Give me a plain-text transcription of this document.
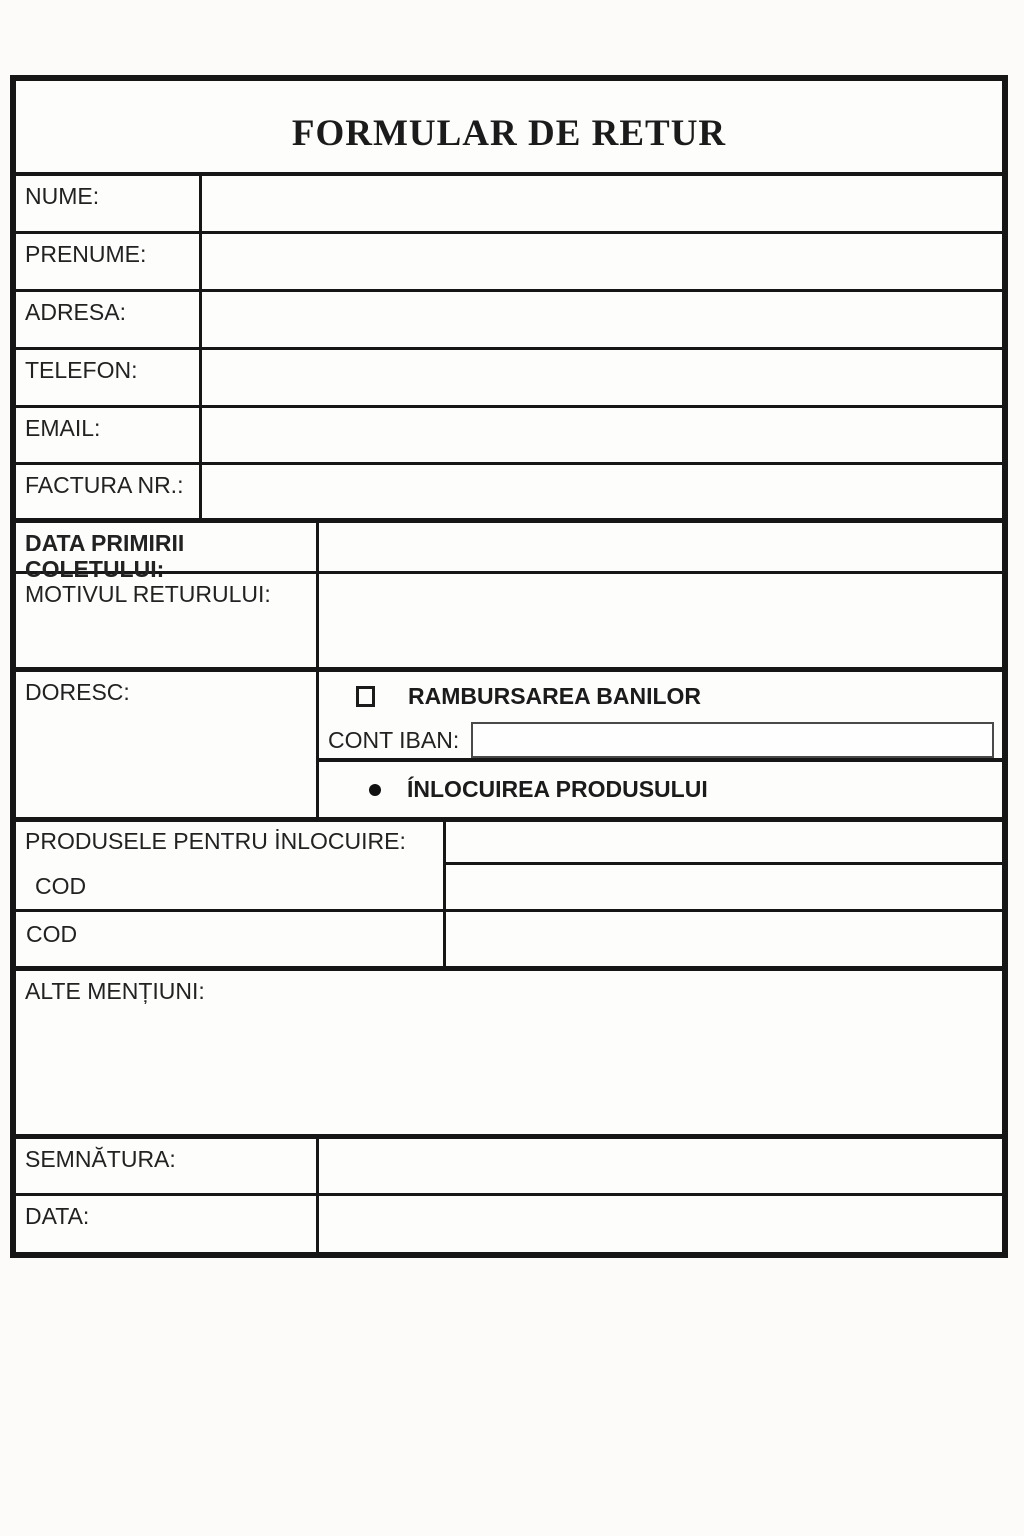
FORMULAR DE RETUR
NUME:
PRENUME:
ADRESA:
TELEFON:
EMAIL:
FACTURA NR.:
DATA PRIMIRII COLETULUI:
MOTIVUL RETURULUI:
DORESC:	RAMBURSAREA BANILOR
CONT IBAN:
ÍNLOCUIREA PRODUSULUI
PRODUSELE PENTRU İNLOCUIRE:
COD
COD
ALTE MENȚIUNI:
SEMNĂTURA:
DATA:
